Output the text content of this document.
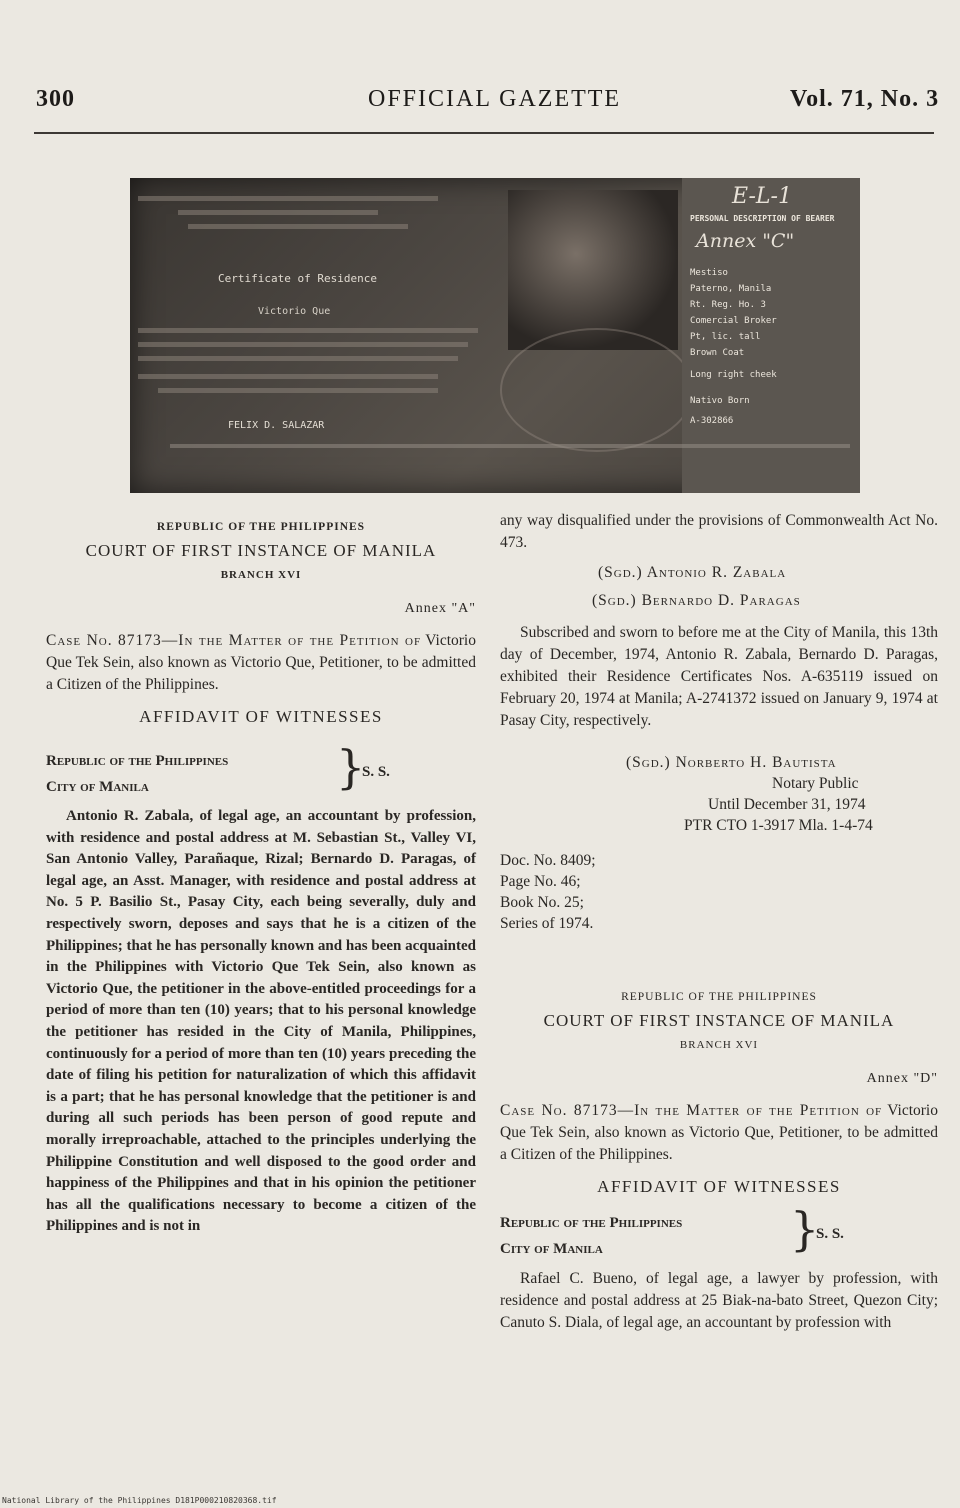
300	OFFICIAL GAZETTE	Vol. 71, No. 3
Certificate of Residence
Victorio Que
FELIX D. SALAZAR
E-L-1
PERSONAL DESCRIPTION OF BEARER
Annex "C"
Mestiso
Paterno, Manila
Rt. Reg. Ho. 3
Comercial Broker
Pt, lic. tall
Brown Coat
Long right cheek
Nativo Born
A-302866
REPUBLIC OF THE PHILIPPINES
COURT OF FIRST INSTANCE OF MANILA
BRANCH XVI
Annex "A"

Case No. 87173—In the Matter of the Petition of Victorio Que Tek Sein, also known as Victorio Que, Petitioner, to be admitted a Citizen of the Philippines.

AFFIDAVIT OF WITNESSES
Republic of the Philippines
City of Manila	}
S. S.

Antonio R. Zabala, of legal age, an accountant by profession, with residence and postal address at M. Sebastian St., Valley VI, San Antonio Valley, Parañaque, Rizal; Bernardo D. Paragas, of legal age, an Asst. Manager, with residence and postal address at No. 5 P. Basilio St., Pasay City, each being severally, duly and respectively sworn, deposes and says that he is a citizen of the Philippines; that he has personally known and has been acquainted in the Philippines with Victorio Que Tek Sein, also known as Victorio Que, the petitioner in the above-entitled proceedings for a period of more than ten (10) years; that to his personal knowledge the petitioner has resided in the City of Manila, Philippines, continuously for a period of more than ten (10) years preceding the date of filing his petition for naturalization of which this affidavit is a part; that he has personal knowledge that the petitioner is and during all such periods has been person of good repute and morally irreproachable, attached to the principles underlying the Philippine Constitution and well disposed to the good order and happiness of the Philippines and that in his opinion the petitioner has all the qualifications necessary to become a citizen of the Philippines and is not in

any way disqualified under the provisions of Commonwealth Act No. 473.

(Sgd.) Antonio R. Zabala
(Sgd.) Bernardo D. Paragas

Subscribed and sworn to before me at the City of Manila, this 13th day of December, 1974, Antonio R. Zabala, Bernardo D. Paragas, exhibited their Residence Certificates Nos. A-635119 issued on February 20, 1974 at Manila; A-2741372 issued on January 9, 1974 at Pasay City, respectively.

(Sgd.) Norberto H. Bautista
Notary Public
Until December 31, 1974
PTR CTO 1-3917 Mla. 1-4-74
Doc. No. 8409;
Page No. 46;
Book No. 25;
Series of 1974.
REPUBLIC OF THE PHILIPPINES
COURT OF FIRST INSTANCE OF MANILA
BRANCH XVI
Annex "D"

Case No. 87173—In the Matter of the Petition of Victorio Que Tek Sein, also known as Victorio Que, Petitioner, to be admitted a Citizen of the Philippines.

AFFIDAVIT OF WITNESSES
Republic of the Philippines
City of Manila	}
S. S.

Rafael C. Bueno, of legal age, a lawyer by profession, with residence and postal address at 25 Biak-na-bato Street, Quezon City; Canuto S. Diala, of legal age, an accountant by profession with

National Library of the Philippines D181P000210820368.tif
